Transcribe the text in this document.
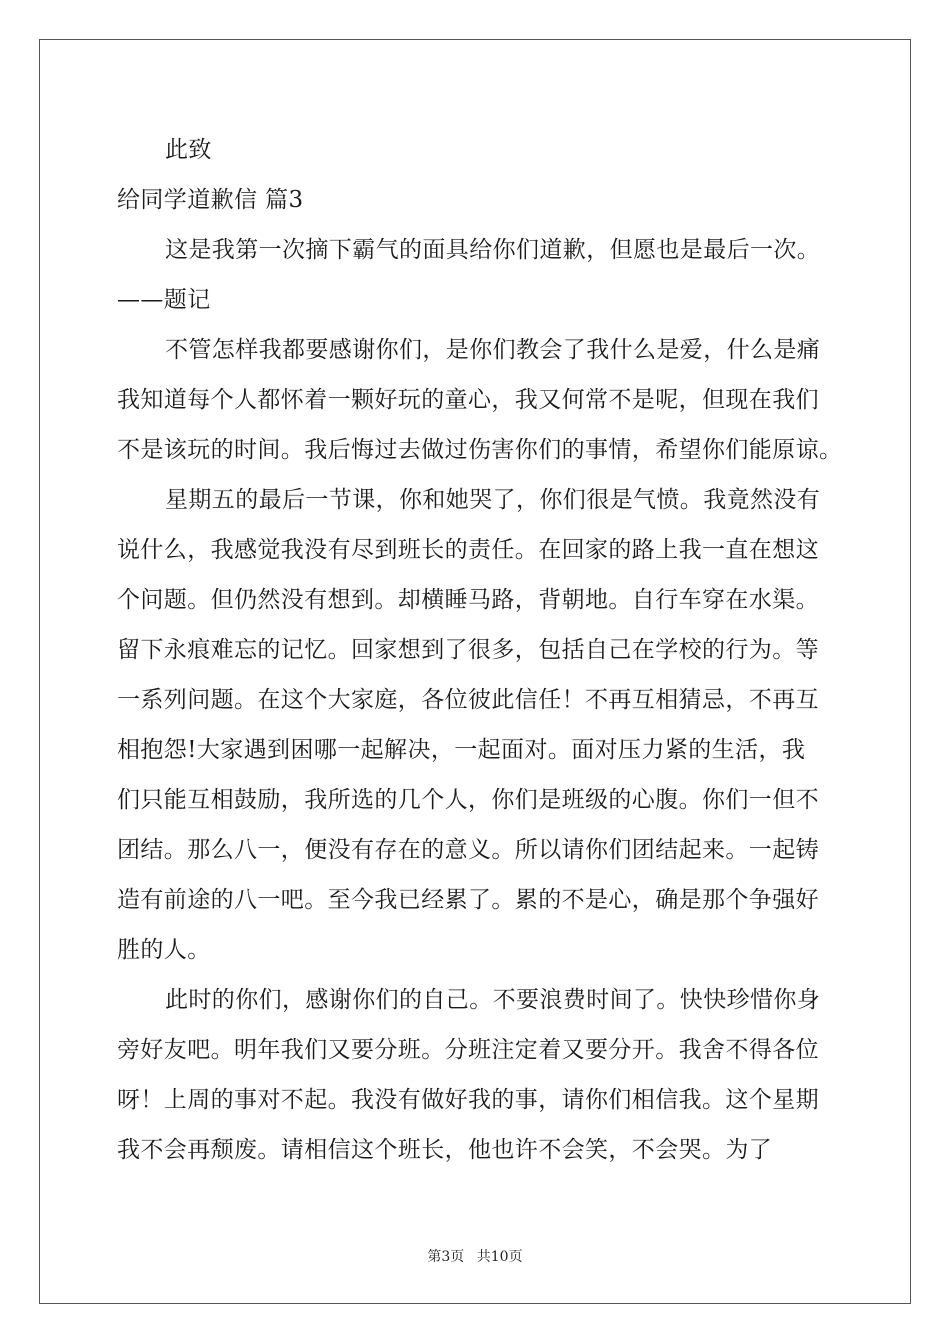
此致
给同学道歉信 篇3
这是我第一次摘下霸气的面具给你们道歉，但愿也是最后一次。
——题记
不管怎样我都要感谢你们，是你们教会了我什么是爱，什么是痛
我知道每个人都怀着一颗好玩的童心，我又何常不是呢，但现在我们
不是该玩的时间。我后悔过去做过伤害你们的事情，希望你们能原谅。
星期五的最后一节课，你和她哭了，你们很是气愤。我竟然没有
说什么，我感觉我没有尽到班长的责任。在回家的路上我一直在想这
个问题。但仍然没有想到。却横睡马路，背朝地。自行车穿在水渠。
留下永痕难忘的记忆。回家想到了很多，包括自己在学校的行为。等
一系列问题。在这个大家庭，各位彼此信任！不再互相猜忌，不再互
相抱怨!大家遇到困哪一起解决，一起面对。面对压力紧的生活，我
们只能互相鼓励，我所选的几个人，你们是班级的心腹。你们一但不
团结。那么八一，便没有存在的意义。所以请你们团结起来。一起铸
造有前途的八一吧。至今我已经累了。累的不是心，确是那个争强好
胜的人。
此时的你们，感谢你们的自己。不要浪费时间了。快快珍惜你身
旁好友吧。明年我们又要分班。分班注定着又要分开。我舍不得各位
呀！上周的事对不起。我没有做好我的事，请你们相信我。这个星期
我不会再颓废。请相信这个班长，他也许不会笑，不会哭。为了
第3页 共10页
